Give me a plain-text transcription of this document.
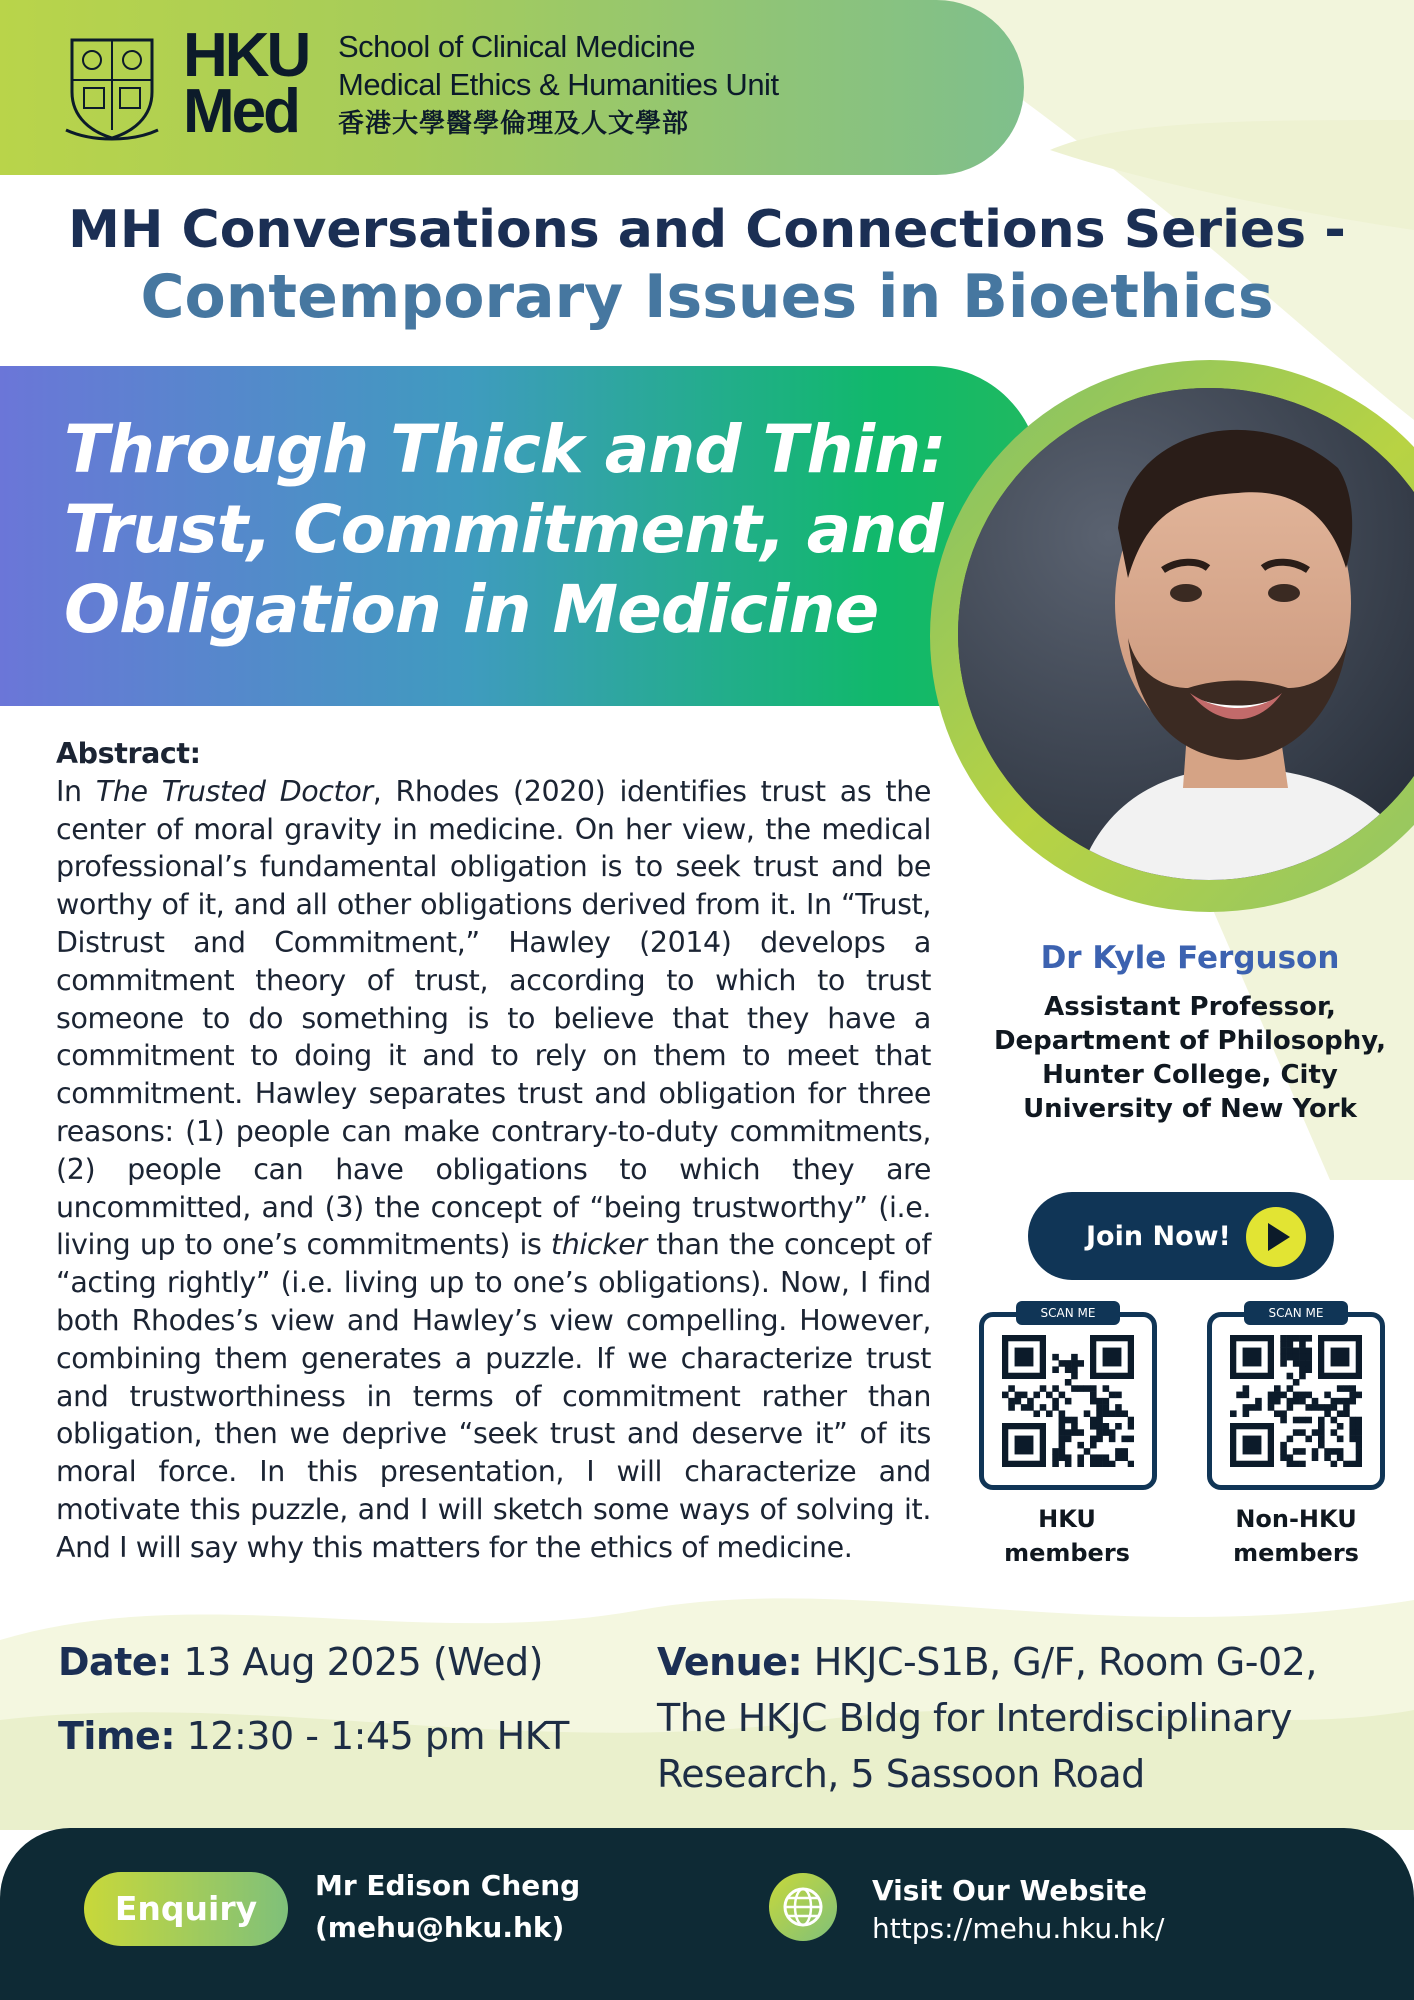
HKU
Med
School of Clinical Medicine
Medical Ethics & Humanities Unit
香港大學醫學倫理及人文學部
MH Conversations and Connections Series -
Contemporary Issues in Bioethics
Through Thick and Thin:
Trust, Commitment, and
Obligation in Medicine
Abstract:
In The Trusted Doctor, Rhodes (2020) identifies trust as the center of moral gravity in medicine. On her view, the medical professional’s fundamental obligation is to seek trust and be worthy of it, and all other obligations derived from it. In “Trust, Distrust and Commitment,” Hawley (2014) develops a commitment theory of trust, according to which to trust someone to do something is to believe that they have a commitment to doing it and to rely on them to meet that commitment. Hawley separates trust and obligation for three reasons: (1) people can make contrary-to-duty commitments, (2) people can have obligations to which they are uncommitted, and (3) the concept of “being trustworthy” (i.e. living up to one’s commitments) is thicker than the concept of “acting rightly” (i.e. living up to one’s obligations). Now, I find both Rhodes’s view and Hawley’s view compelling. However, combining them generates a puzzle. If we characterize trust and trustworthiness in terms of commitment rather than obligation, then we deprive “seek trust and deserve it” of its moral force. In this presentation, I will characterize and motivate this puzzle, and I will sketch some ways of solving it. And I will say why this matters for the ethics of medicine.
Dr Kyle Ferguson
Assistant Professor,
Department of Philosophy,
Hunter College, City
University of New York
Join Now!
SCAN ME	SCAN ME
HKU
members
Non-HKU
members
Date: 13 Aug 2025 (Wed)
Time: 12:30 - 1:45 pm HKT
Venue: HKJC-S1B, G/F, Room G-02,
The HKJC Bldg for Interdisciplinary
Research, 5 Sassoon Road
Enquiry
Mr Edison Cheng
(mehu@hku.hk)
Visit Our Website
https://mehu.hku.hk/
